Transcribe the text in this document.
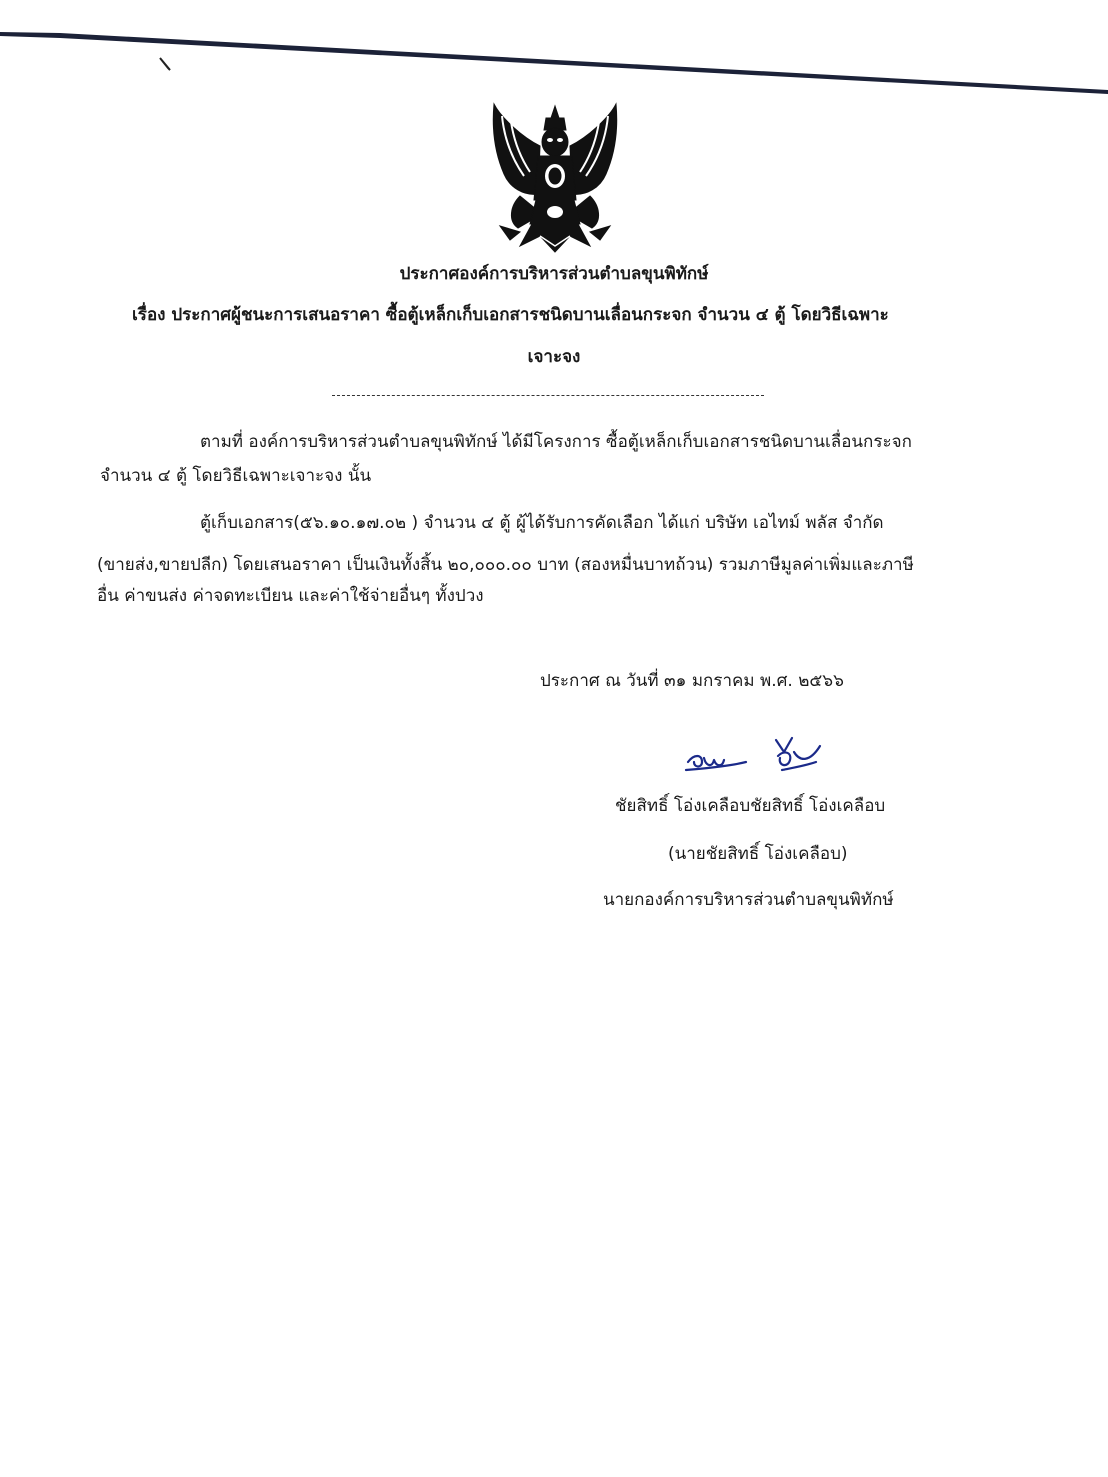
ประกาศองค์การบริหารส่วนตำบลขุนพิทักษ์
เรื่อง ประกาศผู้ชนะการเสนอราคา ซื้อตู้เหล็กเก็บเอกสารชนิดบานเลื่อนกระจก จำนวน ๔ ตู้ โดยวิธีเฉพาะ
เจาะจง
ตามที่ องค์การบริหารส่วนตำบลขุนพิทักษ์ ได้มีโครงการ ซื้อตู้เหล็กเก็บเอกสารชนิดบานเลื่อนกระจก
จำนวน ๔ ตู้ โดยวิธีเฉพาะเจาะจง นั้น
ตู้เก็บเอกสาร(๕๖.๑๐.๑๗.๐๒ ) จำนวน ๔ ตู้ ผู้ได้รับการคัดเลือก ได้แก่ บริษัท เอไทม์ พลัส จำกัด
(ขายส่ง,ขายปลีก) โดยเสนอราคา เป็นเงินทั้งสิ้น ๒๐,๐๐๐.๐๐ บาท (สองหมื่นบาทถ้วน) รวมภาษีมูลค่าเพิ่มและภาษี
อื่น ค่าขนส่ง ค่าจดทะเบียน และค่าใช้จ่ายอื่นๆ ทั้งปวง
ประกาศ ณ วันที่ ๓๑ มกราคม พ.ศ. ๒๕๖๖
ชัยสิทธิ์ โอ่งเคลือบชัยสิทธิ์ โอ่งเคลือบ
(นายชัยสิทธิ์ โอ่งเคลือบ)
นายกองค์การบริหารส่วนตำบลขุนพิทักษ์
